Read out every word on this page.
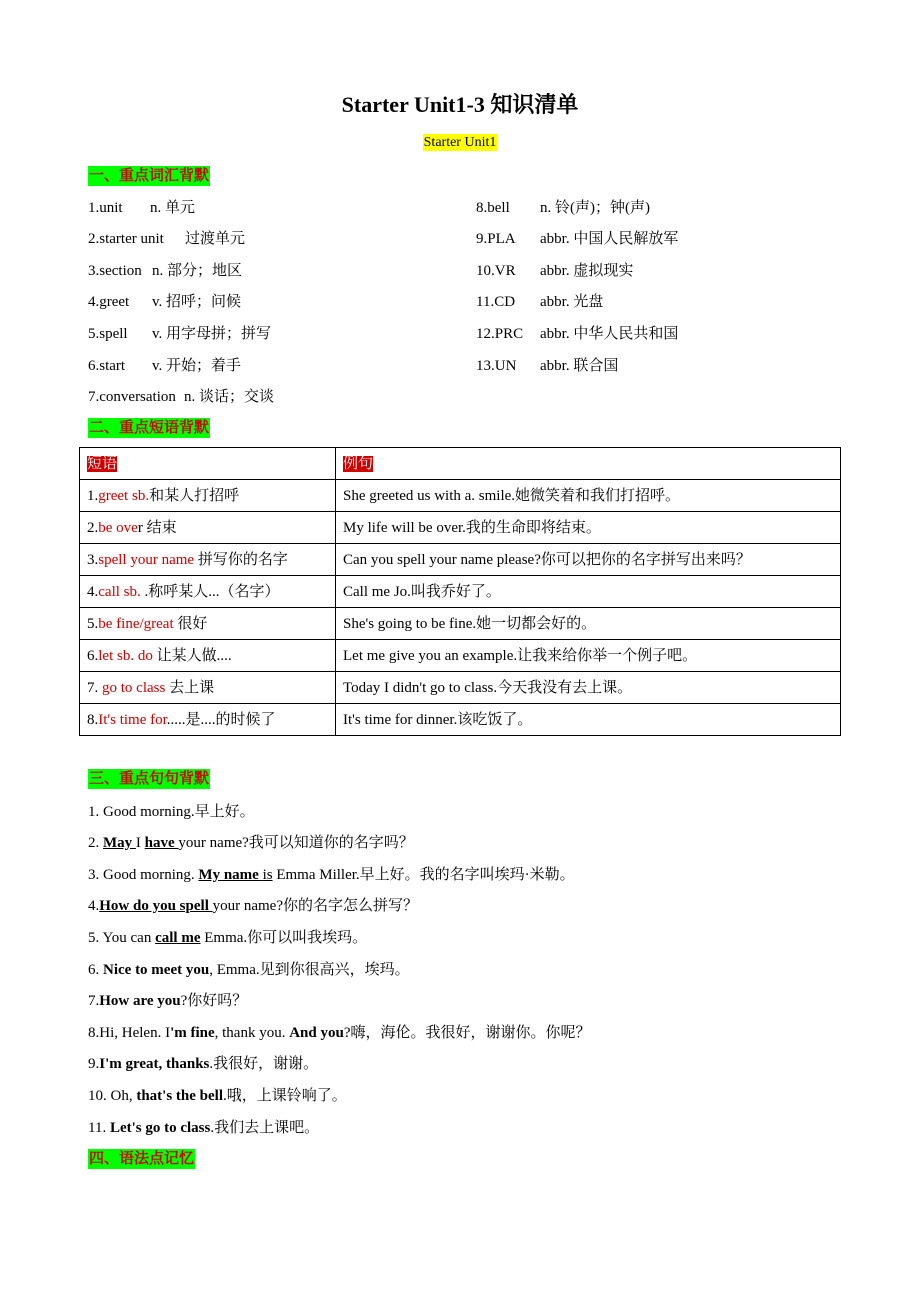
Starter Unit1-3 知识清单
Starter Unit1
一、重点词汇背默
1.unit n. 单元
2.starter unit 过渡单元
3.section n. 部分；地区
4.greet v. 招呼；问候
5.spell v. 用字母拼；拼写
6.start v. 开始；着手
7.conversation n. 谈话；交谈
8.bell n. 铃(声)；钟(声)
9.PLA abbr. 中国人民解放军
10.VR abbr. 虚拟现实
11.CD abbr. 光盘
12.PRC abbr. 中华人民共和国
13.UN abbr. 联合国
二、重点短语背默
短语	例句
1.greet sb.和某人打招呼	She greeted us with a. smile.她微笑着和我们打招呼。
2.be over 结束	My life will be over.我的生命即将结束。
3.spell your name 拼写你的名字	Can you spell your name please?你可以把你的名字拼写出来吗？
4.call sb. .称呼某人...（名字）	Call me Jo.叫我乔好了。
5.be fine/great 很好	She's going to be fine.她一切都会好的。
6.let sb. do 让某人做....	Let me give you an example.让我来给你举一个例子吧。
7. go to class 去上课	Today I didn't go to class.今天我没有去上课。
8.It's time for.....是....的时候了	It's time for dinner.该吃饭了。
三、重点句句背默
1. Good morning.早上好。
2. May I have your name?我可以知道你的名字吗？
3. Good morning. My name is Emma Miller.早上好。我的名字叫埃玛·米勒。
4.How do you spell your name?你的名字怎么拼写？
5. You can call me Emma.你可以叫我埃玛。
6. Nice to meet you, Emma.见到你很高兴，埃玛。
7.How are you?你好吗？
8.Hi, Helen. I'm fine, thank you. And you?嗨，海伦。我很好，谢谢你。你呢？
9.I'm great, thanks.我很好，谢谢。
10. Oh, that's the bell.哦，上课铃响了。
11. Let's go to class.我们去上课吧。
四、语法点记忆
